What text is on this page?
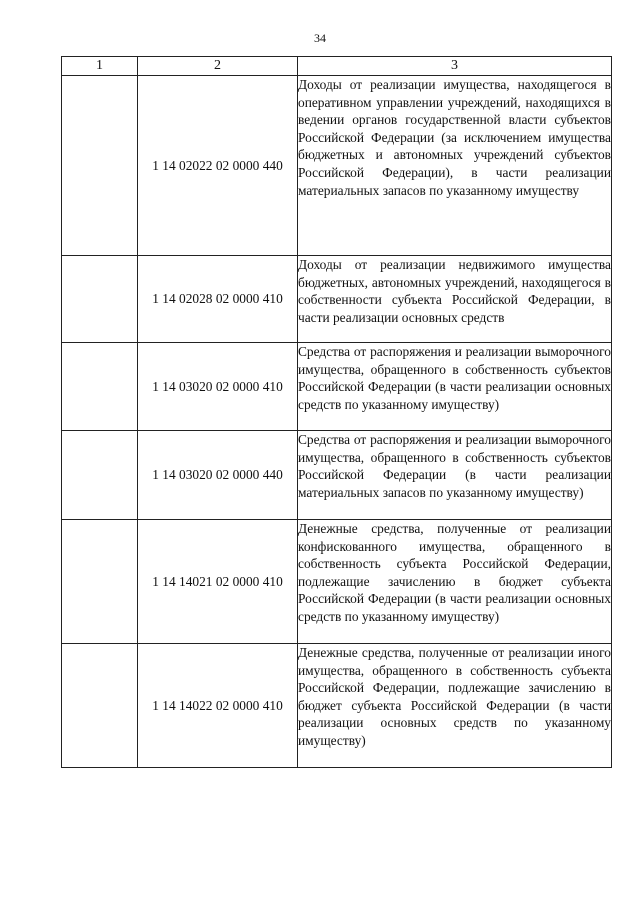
34
1	2	3
	1 14 02022 02 0000 440	Доходы от реализации имущества, находящегося в оперативном управлении учреждений, находящихся в ведении органов государственной власти субъектов Российской Федерации (за исключением имущества бюджетных и автономных учреждений субъектов Российской Федерации), в части реализации материальных запасов по указанному имуществу
	1 14 02028 02 0000 410	Доходы от реализации недвижимого имущества бюджетных, автономных учреждений, находящегося в собственности субъекта Российской Федерации, в части реализации основных средств
	1 14 03020 02 0000 410	Средства от распоряжения и реализации выморочного имущества, обращенного в собственность субъектов Российской Федерации (в части реализации основных средств по указанному имуществу)
	1 14 03020 02 0000 440	Средства от распоряжения и реализации выморочного имущества, обращенного в собственность субъектов Российской Федерации (в части реализации материальных запасов по указанному имуществу)
	1 14 14021 02 0000 410	Денежные средства, полученные от реализации конфискованного имущества, обращенного в собственность субъекта Российской Федерации, подлежащие зачислению в бюджет субъекта Российской Федерации (в части реализации основных средств по указанному имуществу)
	1 14 14022 02 0000 410	Денежные средства, полученные от реализации иного имущества, обращенного в собственность субъекта Российской Федерации, подлежащие зачислению в бюджет субъекта Российской Федерации (в части реализации основных средств по указанному имуществу)
